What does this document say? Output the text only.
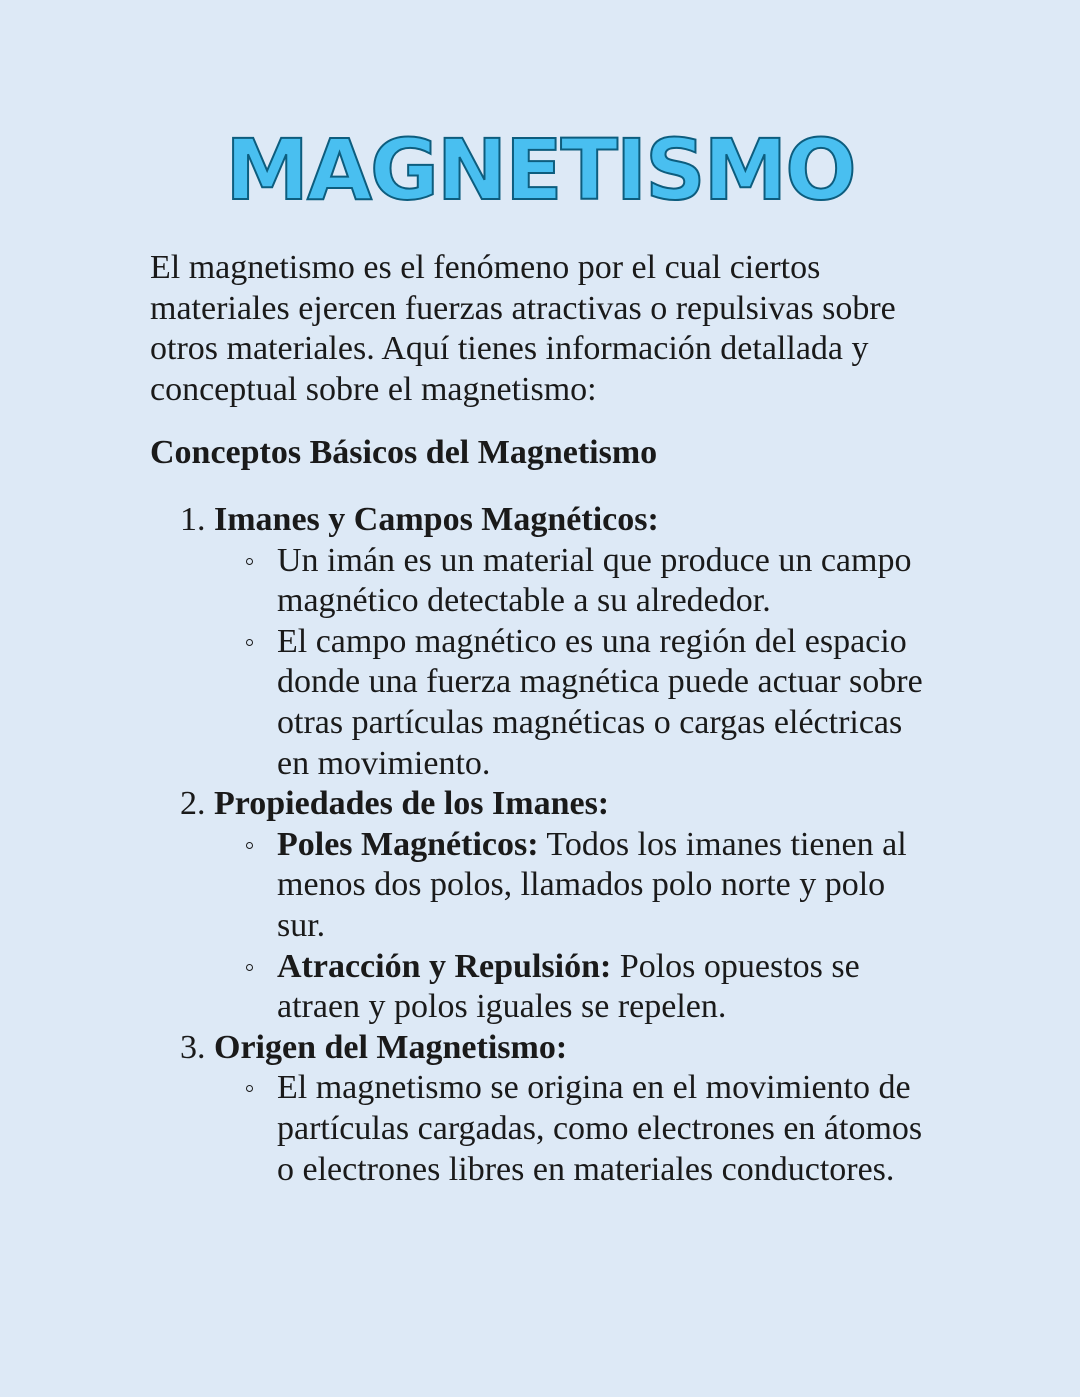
MAGNETISMO

El magnetismo es el fenómeno por el cual ciertos materiales ejercen fuerzas atractivas o repulsivas sobre otros materiales. Aquí tienes información detallada y conceptual sobre el magnetismo:

Conceptos Básicos del Magnetismo
1. Imanes y Campos Magnéticos:
Un imán es un material que produce un campo magnético detectable a su alrededor.
El campo magnético es una región del espacio donde una fuerza magnética puede actuar sobre otras partículas magnéticas o cargas eléctricas en movimiento.
2. Propiedades de los Imanes:
Poles Magnéticos: Todos los imanes tienen al menos dos polos, llamados polo norte y polo sur.
Atracción y Repulsión: Polos opuestos se atraen y polos iguales se repelen.
3. Origen del Magnetismo:
El magnetismo se origina en el movimiento de partículas cargadas, como electrones en átomos o electrones libres en materiales conductores.
